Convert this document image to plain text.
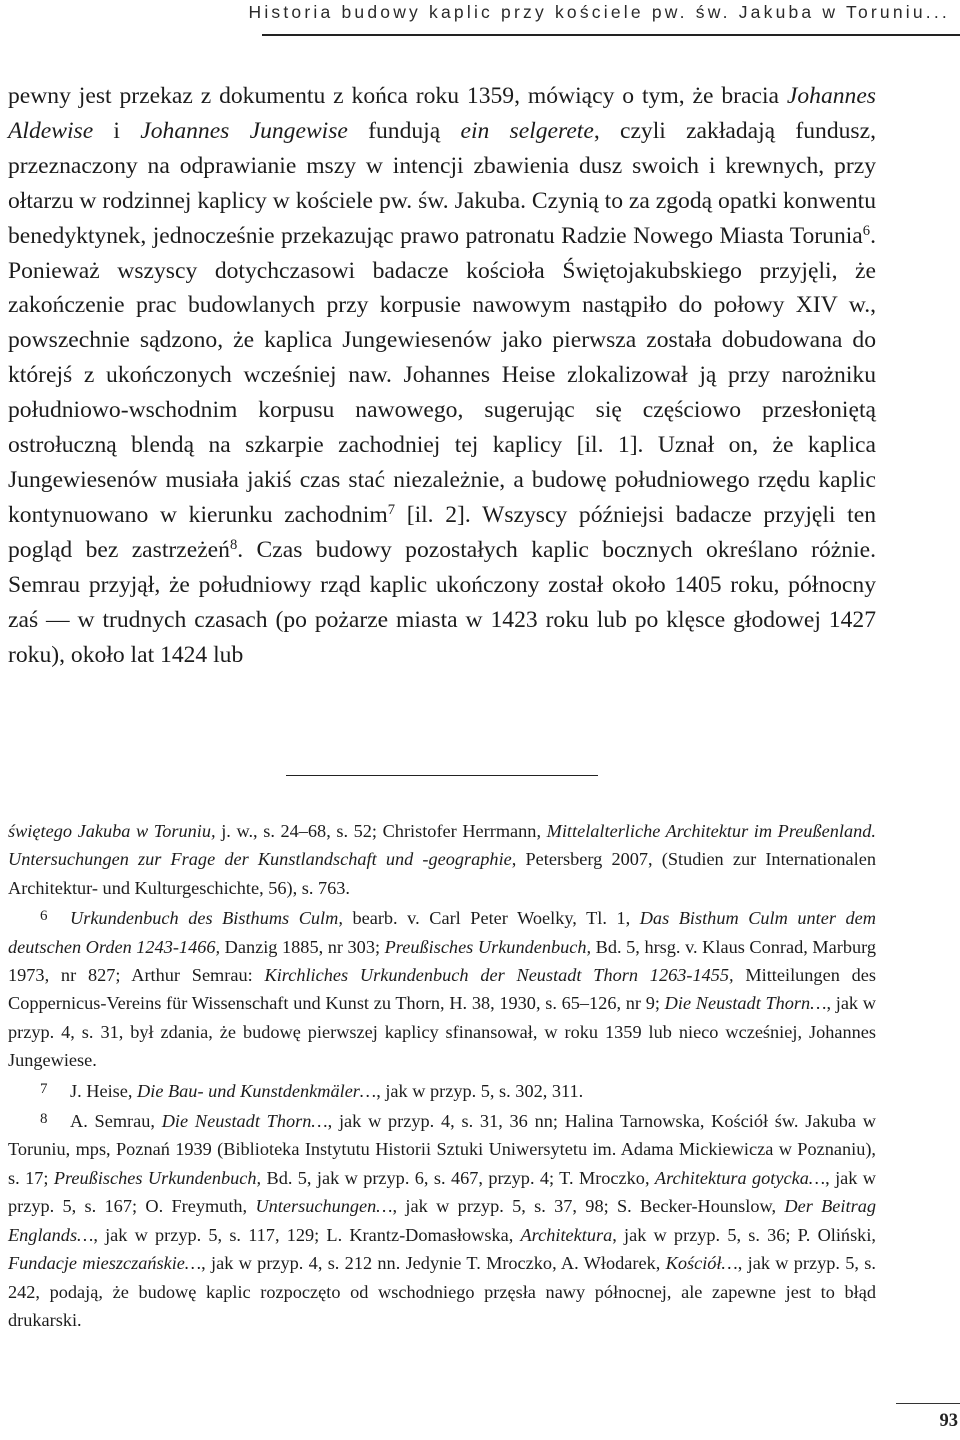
Historia budowy kaplic przy kościele pw. św. Jakuba w Toruniu...

pewny jest przekaz z dokumentu z końca roku 1359, mówiący o tym, że bracia Johannes Aldewise i Johannes Jungewise fundują ein selgerete, czyli zakładają fundusz, przeznaczony na odprawianie mszy w intencji zbawienia dusz swoich i krewnych, przy ołtarzu w rodzinnej kaplicy w kościele pw. św. Jakuba. Czynią to za zgodą opatki konwentu benedyktynek, jednocześnie przekazując prawo patronatu Radzie Nowego Miasta Torunia$^6$. Ponieważ wszyscy dotychczasowi badacze kościoła Świętojakubskiego przyjęli, że zakończenie prac budowlanych przy korpusie nawowym nastąpiło do połowy XIV w., powszechnie sądzono, że kaplica Jungewiesenów jako pierwsza została dobudowana do którejś z ukończonych wcześniej naw. Johannes Heise zlokalizował ją przy narożniku południowo-wschodnim korpusu nawowego, sugerując się częściowo przesłoniętą ostrołuczną blendą na szkarpie zachodniej tej kaplicy [il. 1]. Uznał on, że kaplica Jungewiesenów musiała jakiś czas stać niezależnie, a budowę południowego rzędu kaplic kontynuowano w kierunku zachodnim$^7$ [il. 2]. Wszyscy późniejsi badacze przyjęli ten pogląd bez zastrzeżeń$^8$. Czas budowy pozostałych kaplic bocznych określano różnie. Semrau przyjął, że południowy rząd kaplic ukończony został około 1405 roku, północny zaś — w trudnych czasach (po pożarze miasta w 1423 roku lub po klęsce głodowej 1427 roku), około lat 1424 lub

świętego Jakuba w Toruniu, j. w., s. 24–68, s. 52; Christofer Herrmann, Mittelalterliche Architektur im Preußenland. Untersuchungen zur Frage der Kunstlandschaft und -geographie, Petersberg 2007, (Studien zur Internationalen Architektur- und Kulturgeschichte, 56), s. 763.

6 Urkundenbuch des Bisthums Culm, bearb. v. Carl Peter Woelky, Tl. 1, Das Bisthum Culm unter dem deutschen Orden 1243-1466, Danzig 1885, nr 303; Preußisches Urkundenbuch, Bd. 5, hrsg. v. Klaus Conrad, Marburg 1973, nr 827; Arthur Semrau: Kirchliches Urkundenbuch der Neustadt Thorn 1263-1455, Mitteilungen des Coppernicus-Vereins für Wissenschaft und Kunst zu Thorn, H. 38, 1930, s. 65–126, nr 9; Die Neustadt Thorn…, jak w przyp. 4, s. 31, był zdania, że budowę pierwszej kaplicy sfinansował, w roku 1359 lub nieco wcześniej, Johannes Jungewiese.

7 J. Heise, Die Bau- und Kunstdenkmäler…, jak w przyp. 5, s. 302, 311.

8 A. Semrau, Die Neustadt Thorn…, jak w przyp. 4, s. 31, 36 nn; Halina Tarnowska, Kościół św. Jakuba w Toruniu, mps, Poznań 1939 (Biblioteka Instytutu Historii Sztuki Uniwersytetu im. Adama Mickiewicza w Poznaniu), s. 17; Preußisches Urkundenbuch, Bd. 5, jak w przyp. 6, s. 467, przyp. 4; T. Mroczko, Architektura gotycka…, jak w przyp. 5, s. 167; O. Freymuth, Untersuchungen…, jak w przyp. 5, s. 37, 98; S. Becker-Hounslow, Der Beitrag Englands…, jak w przyp. 5, s. 117, 129; L. Krantz-Domasłowska, Architektura, jak w przyp. 5, s. 36; P. Oliński, Fundacje mieszczańskie…, jak w przyp. 4, s. 212 nn. Jedynie T. Mroczko, A. Włodarek, Kościół…, jak w przyp. 5, s. 242, podają, że budowę kaplic rozpoczęto od wschodniego przęsła nawy północnej, ale zapewne jest to błąd drukarski.

93
